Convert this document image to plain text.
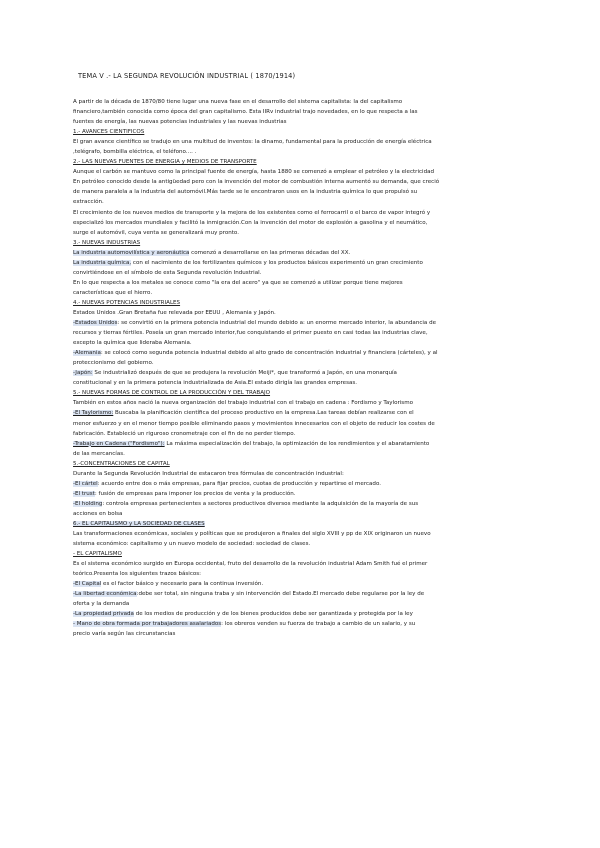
TEMA V .- LA SEGUNDA REVOLUCIÓN INDUSTRIAL ( 1870/1914)
A partir de la década de 1870/80 tiene lugar una nueva fase en el desarrollo del sistema capitalista: la del capitalismo
financiero,también conocida como época del gran capitalismo. Esta IIRv industrial trajo novedades, en lo que respecta a las
fuentes de energía, las nuevas potencias industriales y las nuevas industrias
1.- AVANCES CIENTIFICOS
El gran avance científico se tradujo en una multitud de inventos: la dinamo, fundamental para la producción de energía eléctrica
,telégrafo, bombilla eléctrica, el teléfono.... .
2.- LAS NUEVAS FUENTES DE ENERGIA y MEDIOS DE TRANSPORTE
Aunque el carbón se mantuvo como la principal fuente de energía, hasta 1880 se comenzó a emplear el petróleo y la electricidad
En petróleo conocido desde la antigüedad pero con la invención del motor de combustión interna aumentó su demanda, que creció
de manera paralela a la industria del automóvil.Más tarde se le encontraron usos en la industria química lo que propulsó su
extracción.
El crecimiento de los nuevos medios de transporte y la mejora de los existentes como el ferrocarril o el barco de vapor integró y
especializó los mercados mundiales y facilitó la inmigración.Con la invención del motor de explosión a gasolina y el neumático,
surge el automóvil, cuya venta se generalizará muy pronto.
3.- NUEVAS INDUSTRIAS
La industria automovilística y aeronáutica comenzó a desarrollarse en las primeras décadas del XX.
La industria química, con el nacimiento de los fertilizantes químicos y los productos básicos experimentó un gran crecimiento
convirtiéndose en el símbolo de esta Segunda revolución Industrial.
En lo que respecta a los metales se conoce como "la era del acero" ya que se comenzó a utilizar porque tiene mejores
características que el hierro.
4.- NUEVAS POTENCIAS INDUSTRIALES
Estados Unidos .Gran Bretaña fue relevada por EEUU , Alemania y Japón.
-Estados Unidos: se convirtió en la primera potencia industrial del mundo debido a: un enorme mercado interior, la abundancia de
recursos y tierras fértiles. Poseía un gran mercado interior,fue conquistando el primer puesto en casi todas las industrias clave,
excepto la química que lideraba Alemania.
-Alemania: se colocó como segunda potencia industrial debido al alto grado de concentración industrial y financiera (cárteles), y al
proteccionismo del gobierno.
-Japón: Se industrializó después de que se produjera la revolución Meiji*, que transformó a Japón, en una monarquía
constitucional y en la primera potencia industrializada de Asia.El estado dirigía las grandes empresas.
5.- NUEVAS FORMAS DE CONTROL DE LA PRODUCCIÓN Y DEL TRABAJO
También en estos años nació la nueva organización del trabajo industrial con el trabajo en cadena : Fordismo y Taylorismo
-El Taylorismo: Buscaba la planificación científica del proceso productivo en la empresa.Las tareas debían realizarse con el
menor esfuerzo y en el menor tiempo posible eliminando pasos y movimientos innecesarios con el objeto de reducir los costes de
fabricación. Estableció un riguroso cronometraje con el fin de no perder tiempo.
-Trabajo en Cadena ("Fordismo"): La máxima especialización del trabajo, la optimización de los rendimientos y el abaratamiento
de las mercancías.
5.-CONCENTRACIONES DE CAPITAL
Durante la Segunda Revolución Industrial de estacaron tres fórmulas de concentración industrial:
-El cártel: acuerdo entre dos o más empresas, para fijar precios, cuotas de producción y repartirse el mercado.
-El trust: fusión de empresas para imponer los precios de venta y la producción.
-El holding: controla empresas pertenecientes a sectores productivos diversos mediante la adquisición de la mayoría de sus
acciones en bolsa
6.- EL CAPITALISMO y LA SOCIEDAD DE CLASES
Las transformaciones económicas, sociales y políticas que se produjeron a finales del siglo XVIII y pp de XIX originaron un nuevo
sistema económico: capitalismo y un nuevo modelo de sociedad: sociedad de clases.
- EL CAPITALISMO
Es el sistema económico surgido en Europa occidental, fruto del desarrollo de la revolución industrial Adam Smith fué el primer
teórico.Presenta los siguientes trazos básicos:
-El Capital es el factor básico y necesario para la continua inversión.
-La libertad económica:debe ser total, sin ninguna traba y sin intervención del Estado.El mercado debe regularse por la ley de
oferta y la demanda
-La propiedad privada de los medios de producción y de los bienes producidos debe ser garantizada y protegida por la ley
- Mano de obra formada por trabajadores asalariados: los obreros venden su fuerza de trabajo a cambio de un salario, y su
precio varía según las circunstancias
